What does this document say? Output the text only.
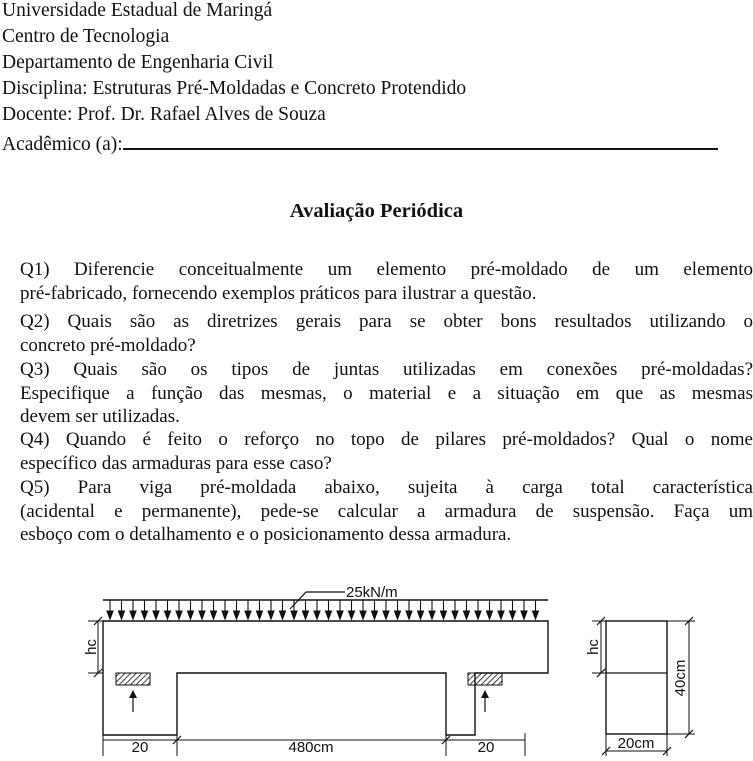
Universidade Estadual de Maringá
Centro de Tecnologia
Departamento de Engenharia Civil
Disciplina: Estruturas Pré-Moldadas e Concreto Protendido
Docente: Prof. Dr. Rafael Alves de Souza
Acadêmico (a):
Avaliação Periódica
Q1) Diferencie conceitualmente um elemento pré-moldado de um elemento
pré-fabricado, fornecendo exemplos práticos para ilustrar a questão.
Q2) Quais são as diretrizes gerais para se obter bons resultados utilizando o
concreto pré-moldado?
Q3) Quais são os tipos de juntas utilizadas em conexões pré-moldadas?
Especifique a função das mesmas, o material e a situação em que as mesmas
devem ser utilizadas.
Q4) Quando é feito o reforço no topo de pilares pré-moldados? Qual o nome
específico das armaduras para esse caso?
Q5) Para viga pré-moldada abaixo, sujeita à carga total característica
(acidental e permanente), pede-se calcular a armadura de suspensão. Faça um
esboço com o detalhamento e o posicionamento dessa armadura.
25kN/m
hc
20	480cm	20
hc
40cm
20cm
